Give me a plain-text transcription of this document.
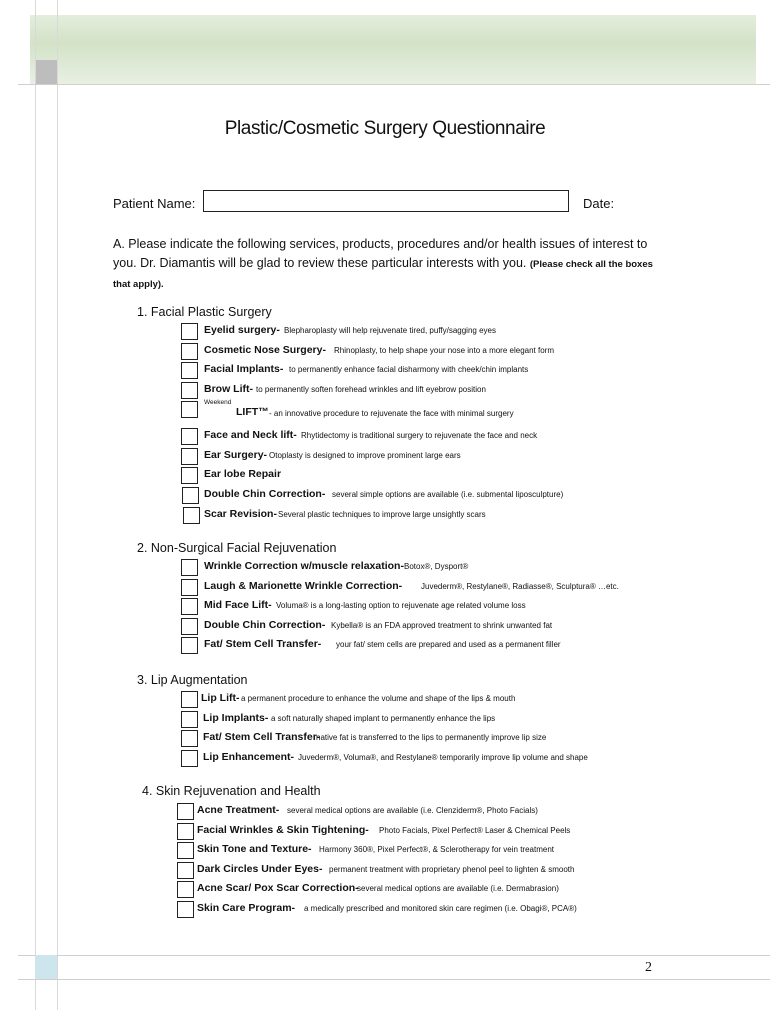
Plastic/Cosmetic Surgery Questionnaire
Patient Name:	Date:
A. Please indicate the following services, products, procedures and/or health issues of interest to you. Dr. Diamantis will be glad to review these particular interests with you. (Please check all the boxes that apply).
1. Facial Plastic Surgery
Eyelid surgery- Blepharoplasty will help rejuvenate tired, puffy/sagging eyes
Cosmetic Nose Surgery- Rhinoplasty, to help shape your nose into a more elegant form
Facial Implants- to permanently enhance facial disharmony with cheek/chin implants
Brow Lift- to permanently soften forehead wrinkles and lift eyebrow position
Weekend
LIFT™ - an innovative procedure to rejuvenate the face with minimal surgery
Face and Neck lift- Rhytidectomy is traditional surgery to rejuvenate the face and neck
Ear Surgery- Otoplasty is designed to improve prominent large ears
Ear lobe Repair
Double Chin Correction- several simple options are available (i.e. submental liposculpture)
Scar Revision- Several plastic techniques to improve large unsightly scars
2. Non-Surgical Facial Rejuvenation
Wrinkle Correction w/muscle relaxation- Botox®, Dysport®
Laugh & Marionette Wrinkle Correction- Juvederm®, Restylane®, Radiasse®, Sculptura® …etc.
Mid Face Lift- Voluma® is a long-lasting option to rejuvenate age related volume loss
Double Chin Correction- Kybella® is an FDA approved treatment to shrink unwanted fat
Fat/ Stem Cell Transfer- your fat/ stem cells are prepared and used as a permanent filler
3. Lip Augmentation
Lip Lift- a permanent procedure to enhance the volume and shape of the lips & mouth
Lip Implants- a soft naturally shaped implant to permanently enhance the lips
Fat/ Stem Cell Transfer-
native fat is transferred to the lips to permanently improve lip size
Lip Enhancement- Juvederm®, Voluma®, and Restylane® temporarily improve lip volume and shape
4. Skin Rejuvenation and Health
Acne Treatment- several medical options are available (i.e. Clenziderm®, Photo Facials)
Facial Wrinkles & Skin Tightening- Photo Facials, Pixel Perfect® Laser & Chemical Peels
Skin Tone and Texture- Harmony 360®, Pixel Perfect®, & Sclerotherapy for vein treatment
Dark Circles Under Eyes- permanent treatment with proprietary phenol peel to lighten & smooth
Acne Scar/ Pox Scar Correction-
several medical options are available (i.e. Dermabrasion)
Skin Care Program- a medically prescribed and monitored skin care regimen (i.e. Obagi®, PCA®)
2
